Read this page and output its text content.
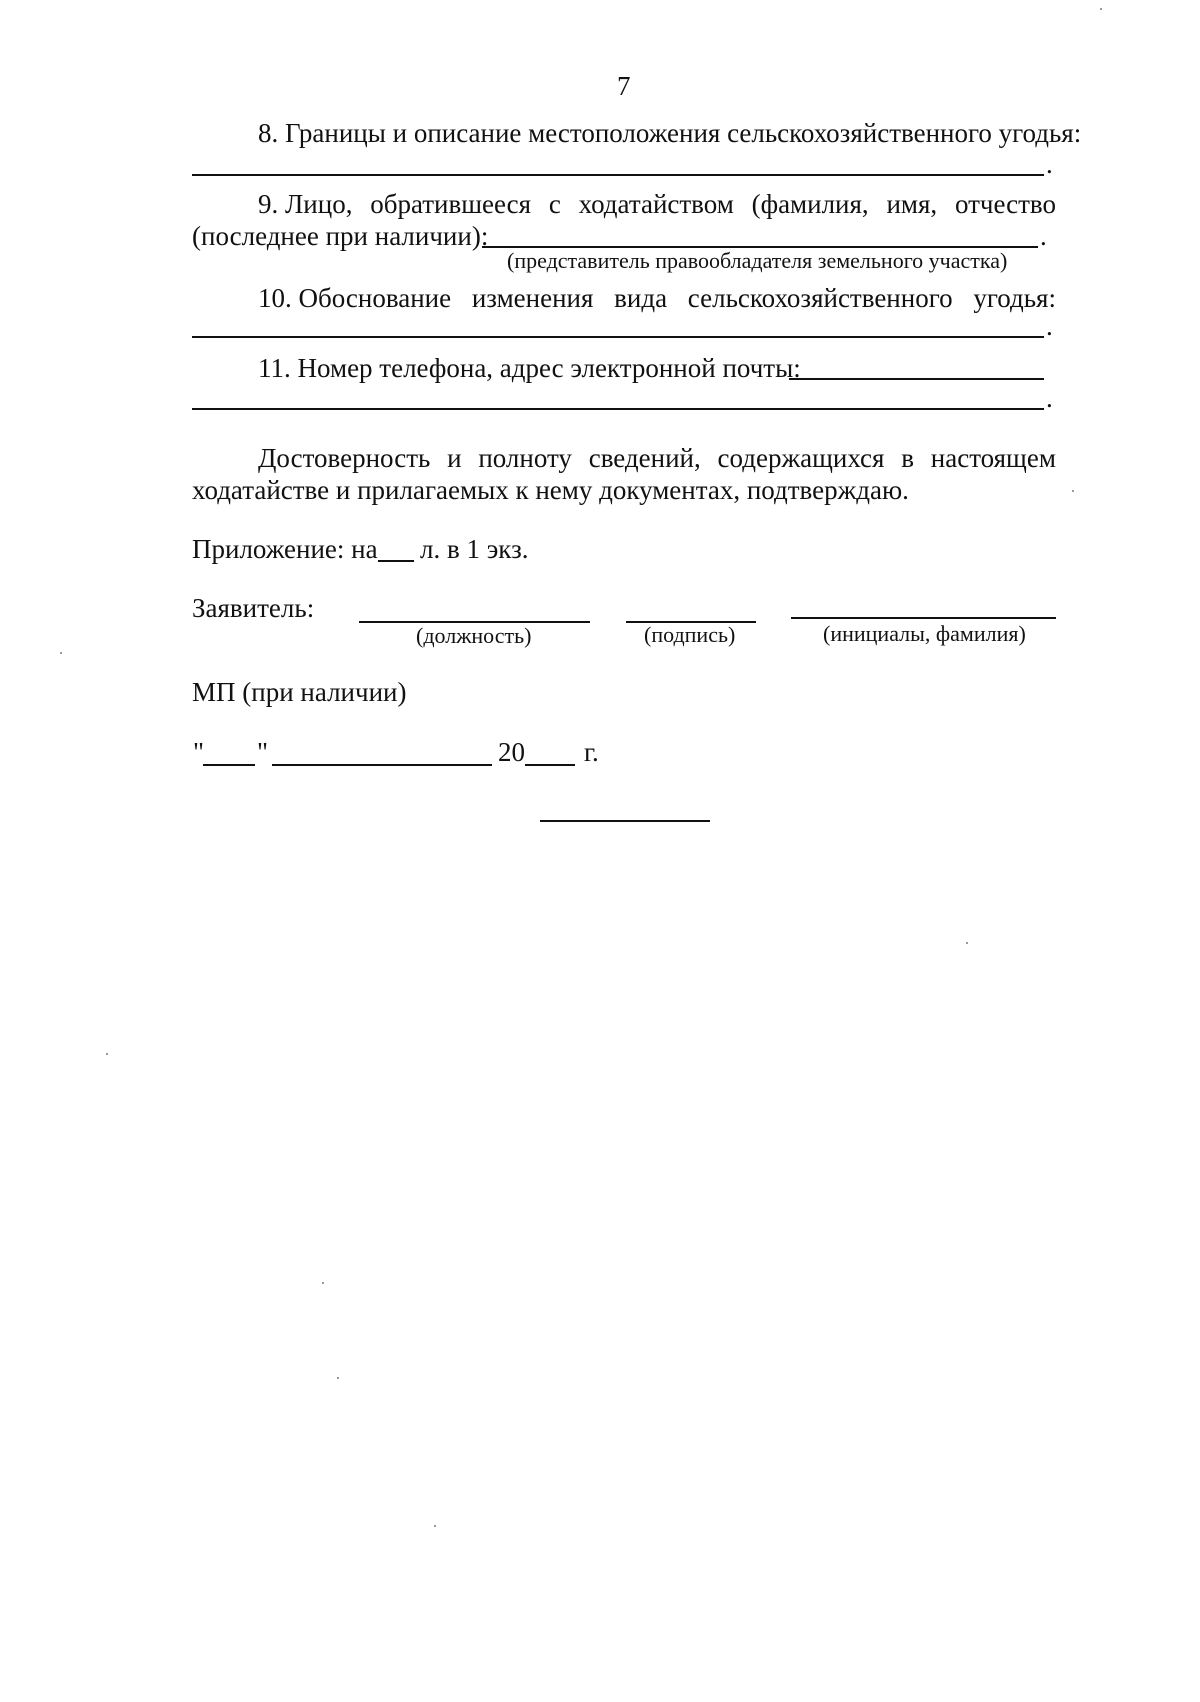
7
8. Границы и описание местоположения сельскохозяйственного угодья:
.
9. Лицо, обратившееся с ходатайством (фамилия, имя, отчество
(последнее при наличии):	.
(представитель правообладателя земельного участка)
10. Обоснование изменения вида сельскохозяйственного угодья:
.
11. Номер телефона, адрес электронной почты:
.
Достоверность и полноту сведений, содержащихся в настоящем
ходатайстве и прилагаемых к нему документах, подтверждаю.
Приложение: на л. в 1 экз.
Заявитель:
(должность)	(подпись)	(инициалы, фамилия)
МП (при наличии)
" "	20 г.
